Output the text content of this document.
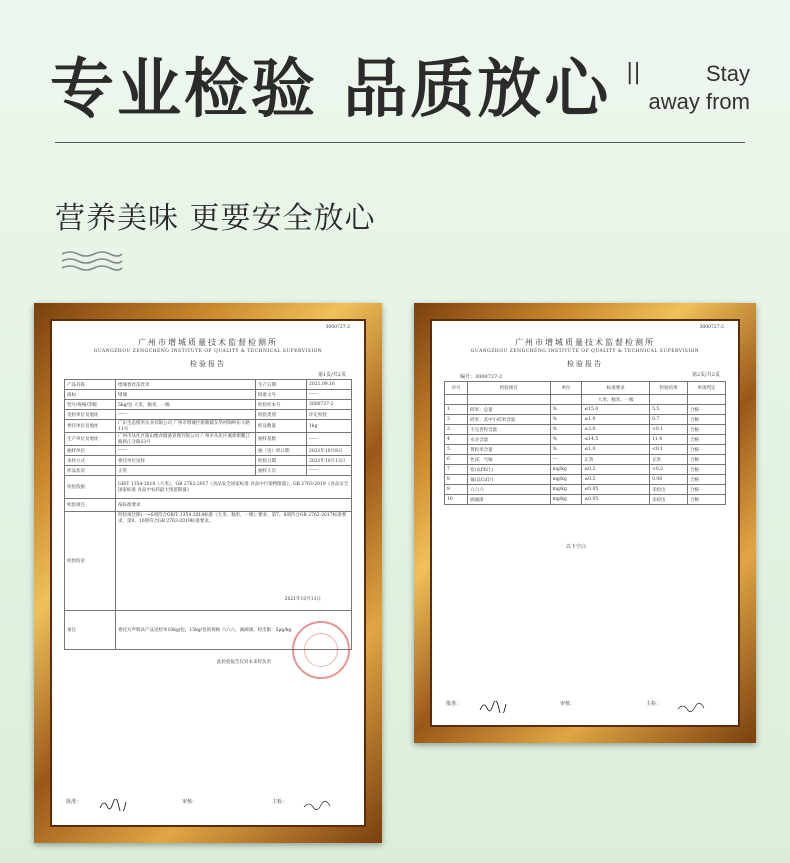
专业检验 品质放心 ||	Stay
away from
营养美味 更要安全放心
3000727-2
广州市增城质量技术监督检测所
GUANGZHOU ZENGCHENG INSTITUTE OF QUALITY & TECHNICAL SUPERVISION
检验报告
第1页/共2页
产品名称	增城香丝苗丝米	生产日期	2021.09.16
商标	增城	批准文号	------
型号/规格/等级	5kg/包 大米，籼米，一级	检验样本号	3000727-2
受检单位及地址	------	检验类别	评定检验
委托单位及地址	广东生态稻米实业有限公司 广州市增城区新塘镇东华村陶岭东大路11号	样品数量	1kg
生产单位及地址	广州市从化区银山粮食储备管理有限公司 广州市从化区城郊街鳌江路新江分路53号	抽样基数	------
抽样单位	------	抽（送）样日期	2021年10月8日
来样方式	委托单位送样	检验日期	2021年10月13日
样品状况	正常	抽样人员	------
检验依据	GB/T 1354-2018《大米》，GB 2762-2017《食品安全国家标准 食品中污染物限量》，GB 2763-2019《食品安全国家标准 食品中农药最大残留限量》		
检验项目	按标准要求		
检验结论	所检项目除(一~6项符合GB/T 1354-2018标准《大米，籼米，一级》要求，第7、8项符合GB 2762-2017标准要求，第9、10项符合GB 2763-2019标准要求。
2021年10月13日		

备注	委托方声称该产品送检单10kg/包，15kg/包的规格 六六六，滴滴涕，检出限：5μg/kg		
此检验报告仅对本来样负责
批准：	审核：	主检：
3000727-2
广州市增城质量技术监督检测所
GUANGZHOU ZENGCHENG INSTITUTE OF QUALITY & TECHNICAL SUPERVISION
检验报告
编号：3000727-2	第2页/共2页
序号	检验项目	单位	标准要求	检验结果	单项判定
			大米，籼米，一级		
1	碎米：总量	%	≤15.0	5.5	合格
2	碎米：其中小碎米含量	%	≤1.0	0.7	合格
3	不完善粒含量	%	≤3.0	<0.1	合格
4	水分含量	%	≤14.5	11.4	合格
5	黄粒米含量	%	≤1.0	<0.1	合格
6	色泽，气味	---	正常	正常	合格
7	铅(以Pb计)	mg/kg	≤0.2	<0.2	合格
8	镉(以Cd计)	mg/kg	≤0.2	0.08	合格
9	六六六	mg/kg	≤0.05	未检出	合格
10	滴滴涕	mg/kg	≤0.05	未检出	合格
以下空白
批准：	审核：	主检：
